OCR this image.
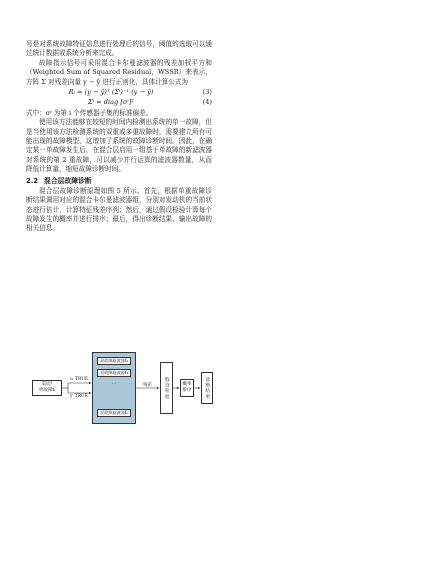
号是对系统故障特征信息进行处理后的信号，阈值的选取可以通过统计数据或系统分析来完成。

故障指示信号可采用混合卡尔曼滤波器的残差加权平方和（Weighted Sum of Squared Residual，WSSR）来表示，方阵 Σ 对残差向量 y − ŷ 进行正则化，具体计算公式为

Rᵢ = (y − ŷ)ᵀ (Σⁱ)⁻¹ (y − ŷ)	(3)
Σⁱ = diag [σⁱ]²	(4)

式中：σⁱ 为第 i 个传感器子集的标准偏差。

使用该方法能够在较短的时间内检测出系统的单一故障，但是当使用该方法检测系统的双重或多重故障时，需要建立所有可能出现的故障模型，这增加了系统的故障诊断时间。因此，在确定某一单故障发生后，在混合层启用一组基于单故障的新滤波器对系统的第 2 重故障，可以减少并行运算的滤波器数量，从而降低计算量，缩短故障诊断时间。

2.2 混合层故障诊断

混合层故障诊断原理如图 5 所示。首先，根据单重故障诊断结果调用对应的混合卡尔曼滤波器组，分别对发动机的当前状态进行估计，计算特征残差序列；然后，通过假设检验计算每个故障发生的概率并进行排序；最后，得出诊断结果、输出故障的相关信息。

第i层
单故障fᵢ
u_TRUE
y_TRUE
双故障滤波器f₁
双故障滤波器f₂
…
双故障滤波器fₙ
残差	假设检验	概率
排序	诊断结果
